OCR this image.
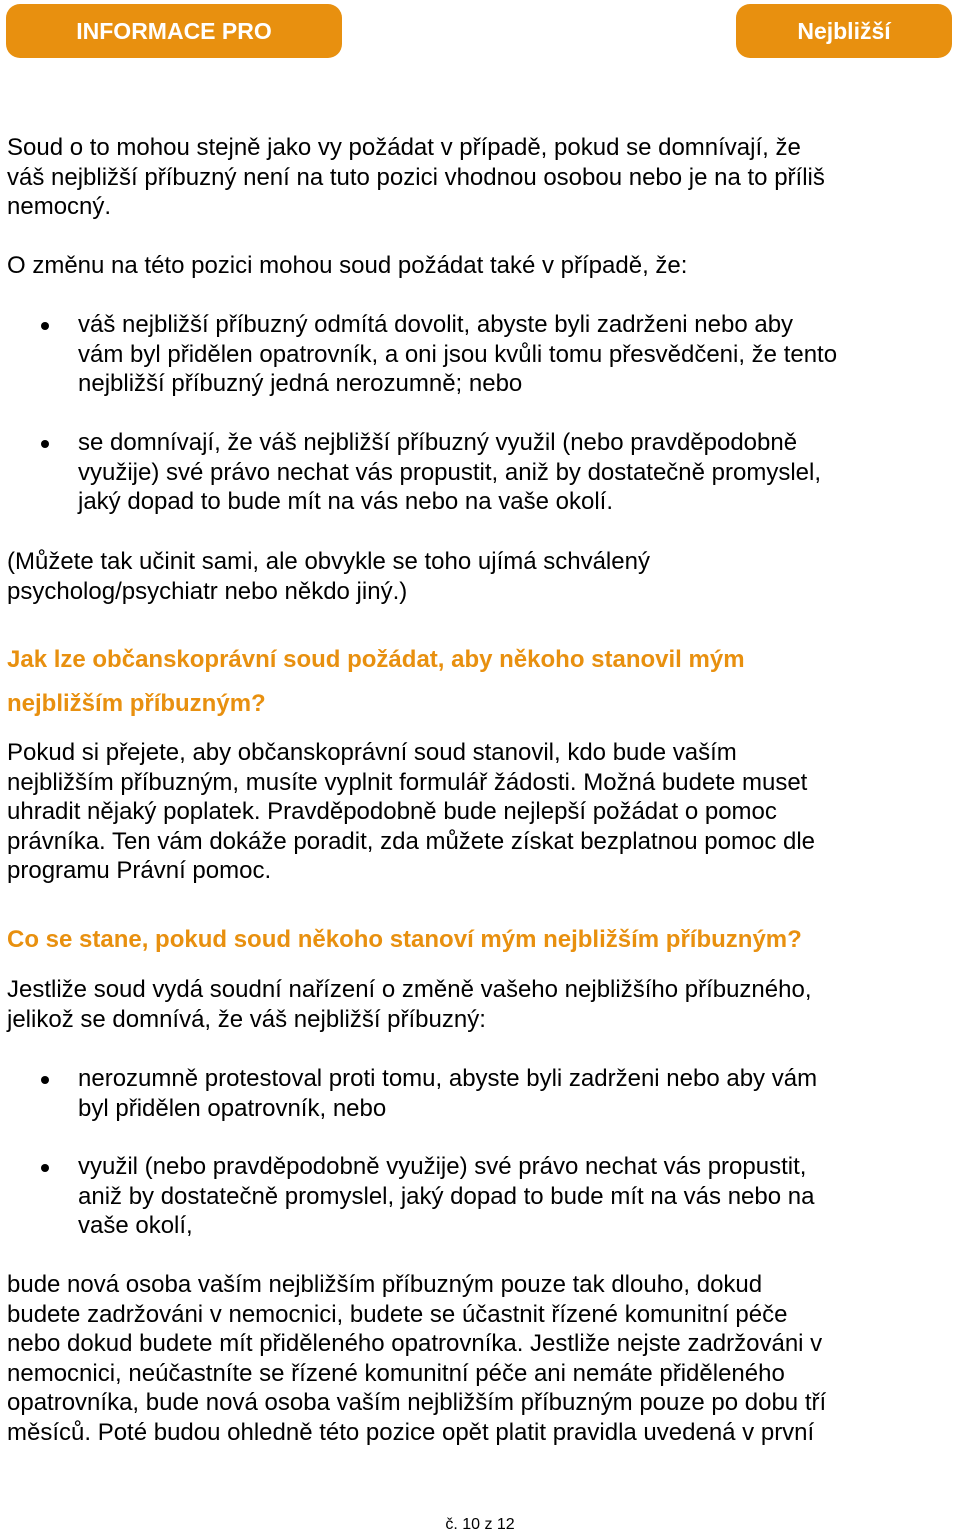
INFORMACE PRO	Nejbližší
Soud o to mohou stejně jako vy požádat v případě, pokud se domnívají, že
váš nejbližší příbuzný není na tuto pozici vhodnou osobou nebo je na to příliš
nemocný.
O změnu na této pozici mohou soud požádat také v případě, že:
váš nejbližší příbuzný odmítá dovolit, abyste byli zadrženi nebo aby
vám byl přidělen opatrovník, a oni jsou kvůli tomu přesvědčeni, že tento
nejbližší příbuzný jedná nerozumně; nebo
se domnívají, že váš nejbližší příbuzný využil (nebo pravděpodobně
využije) své právo nechat vás propustit, aniž by dostatečně promyslel,
jaký dopad to bude mít na vás nebo na vaše okolí.
(Můžete tak učinit sami, ale obvykle se toho ujímá schválený
psycholog/psychiatr nebo někdo jiný.)
Jak lze občanskoprávní soud požádat, aby někoho stanovil mým
nejbližším příbuzným?
Pokud si přejete, aby občanskoprávní soud stanovil, kdo bude vaším
nejbližším příbuzným, musíte vyplnit formulář žádosti. Možná budete muset
uhradit nějaký poplatek. Pravděpodobně bude nejlepší požádat o pomoc
právníka. Ten vám dokáže poradit, zda můžete získat bezplatnou pomoc dle
programu Právní pomoc.
Co se stane, pokud soud někoho stanoví mým nejbližším příbuzným?
Jestliže soud vydá soudní nařízení o změně vašeho nejbližšího příbuzného,
jelikož se domnívá, že váš nejbližší příbuzný:
nerozumně protestoval proti tomu, abyste byli zadrženi nebo aby vám
byl přidělen opatrovník, nebo
využil (nebo pravděpodobně využije) své právo nechat vás propustit,
aniž by dostatečně promyslel, jaký dopad to bude mít na vás nebo na
vaše okolí,
bude nová osoba vaším nejbližším příbuzným pouze tak dlouho, dokud
budete zadržováni v nemocnici, budete se účastnit řízené komunitní péče
nebo dokud budete mít přiděleného opatrovníka. Jestliže nejste zadržováni v
nemocnici, neúčastníte se řízené komunitní péče ani nemáte přiděleného
opatrovníka, bude nová osoba vaším nejbližším příbuzným pouze po dobu tří
měsíců. Poté budou ohledně této pozice opět platit pravidla uvedená v první
č. 10 z 12
